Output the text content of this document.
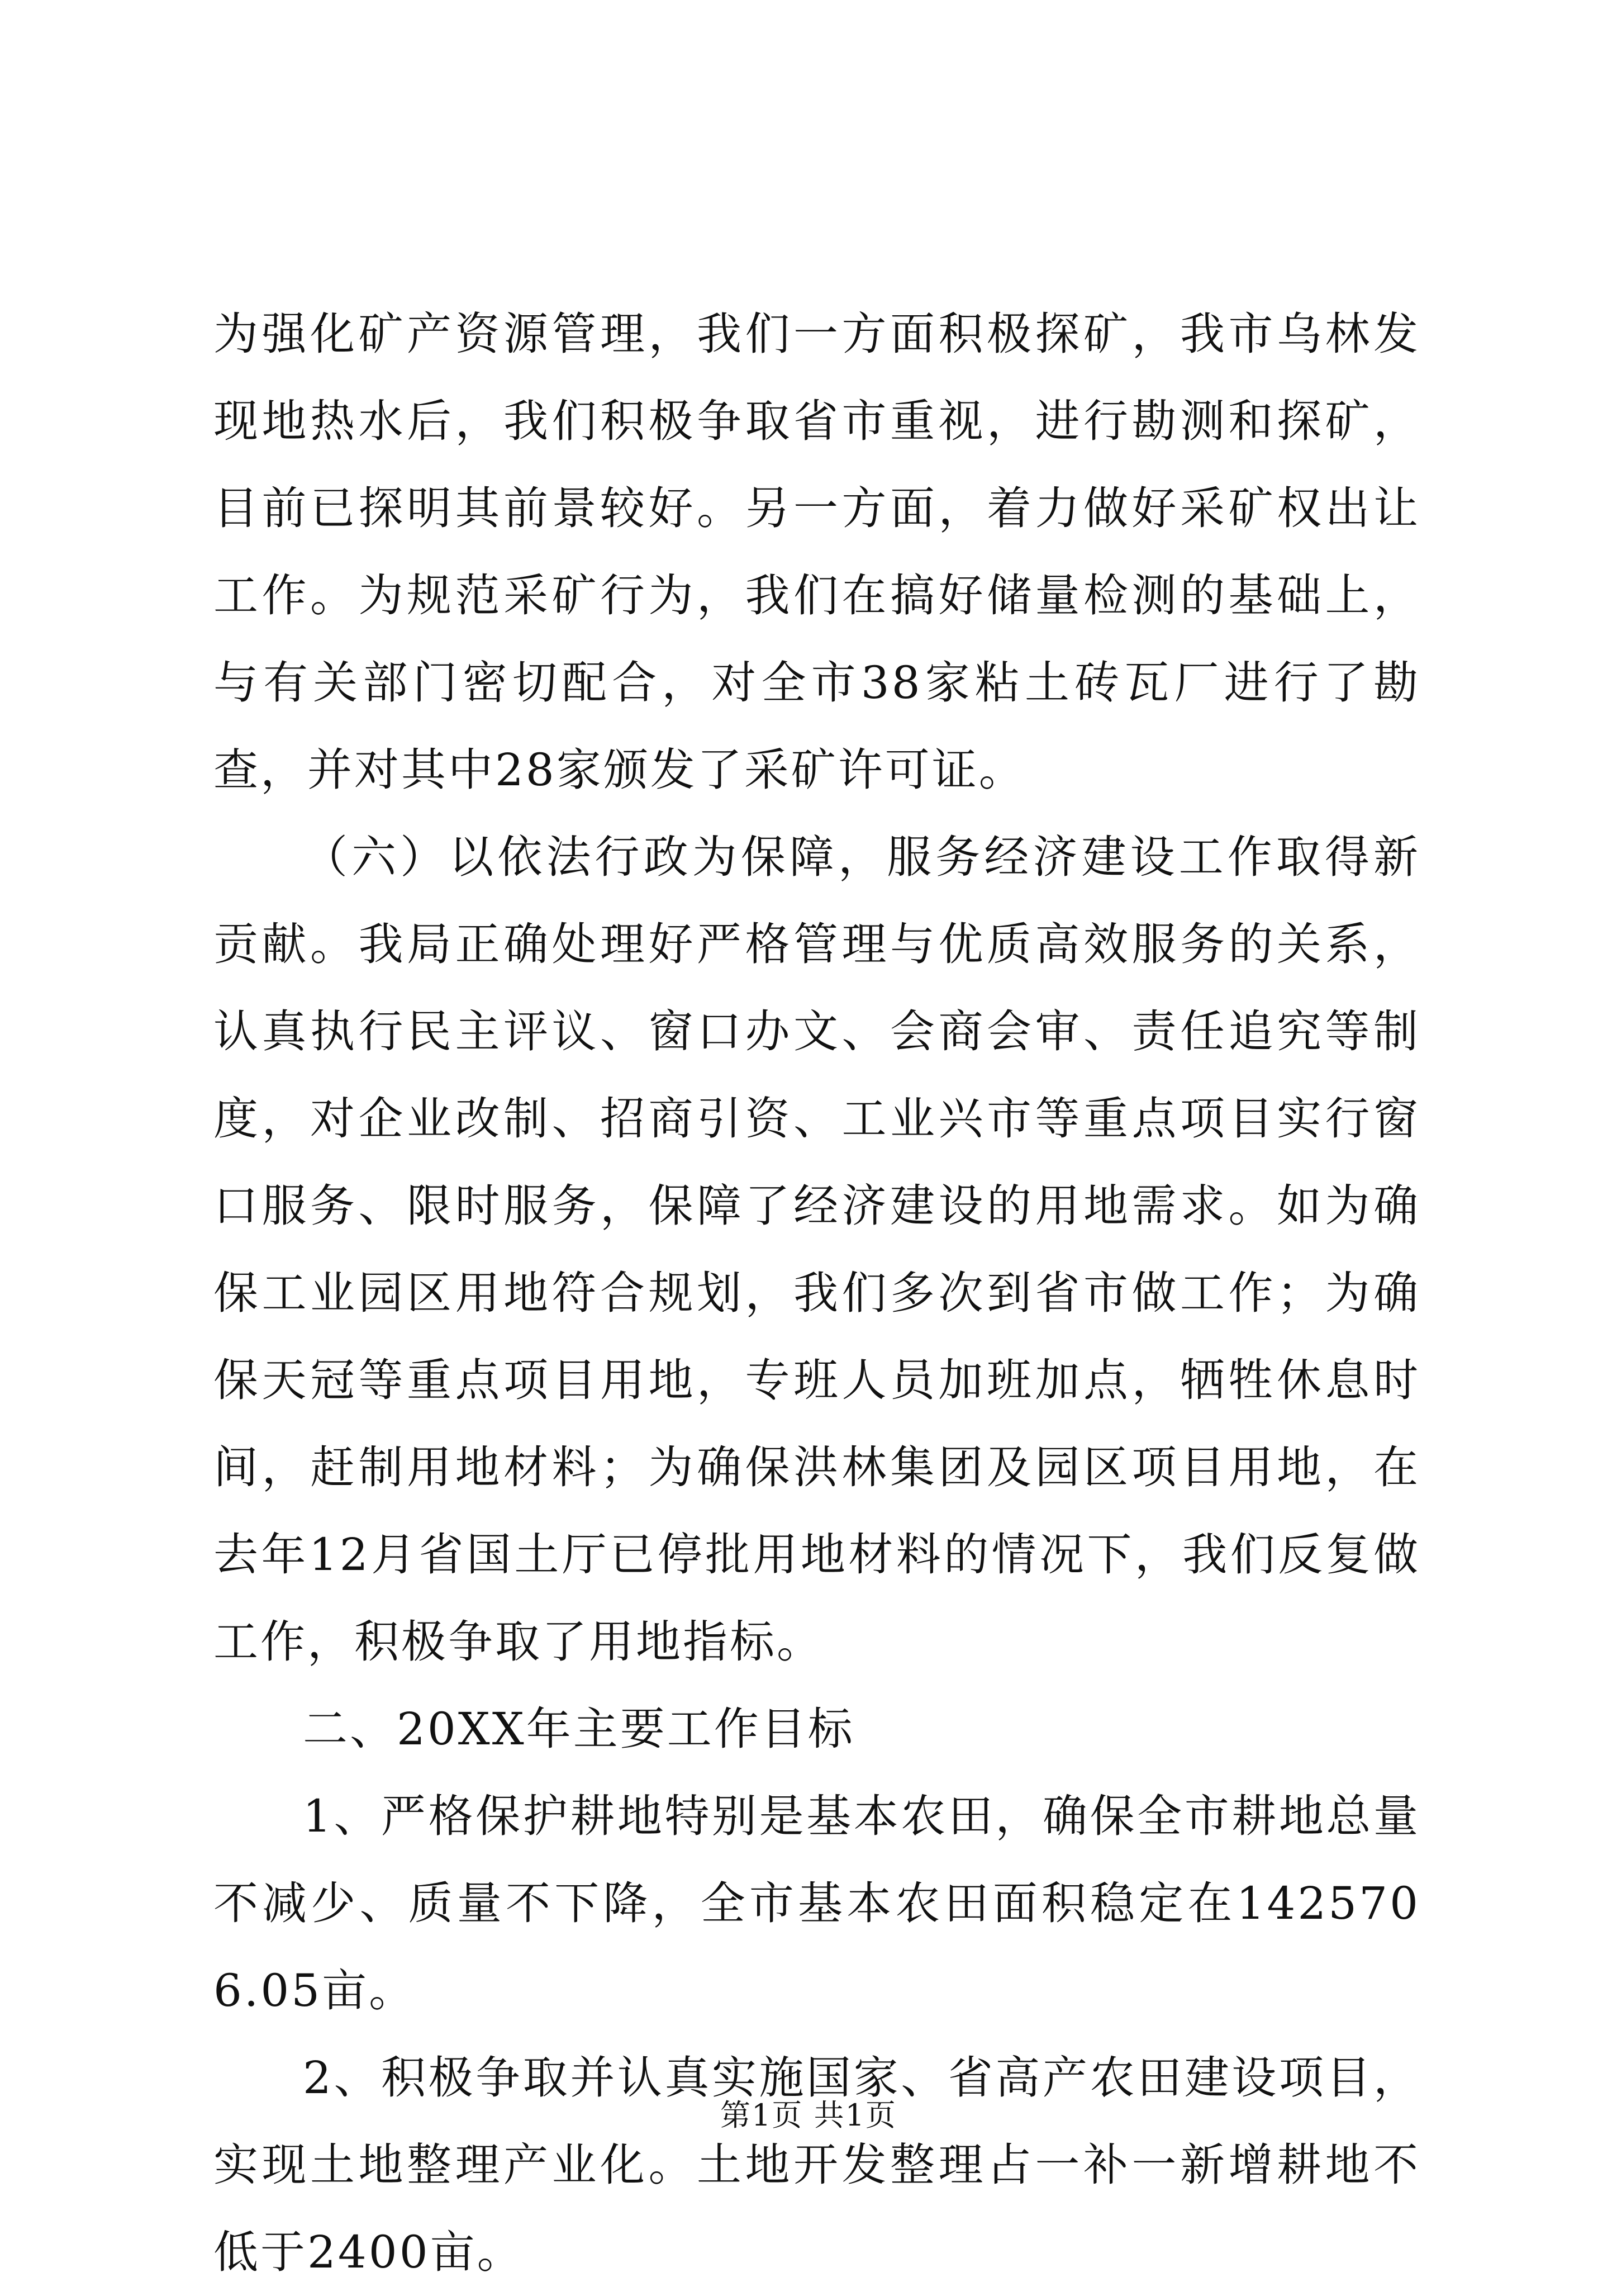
为强化矿产资源管理，我们一方面积极探矿，我市乌林发现地热水后，我们积极争取省市重视，进行勘测和探矿，目前已探明其前景较好。另一方面，着力做好采矿权出让工作。为规范采矿行为，我们在搞好储量检测的基础上，与有关部门密切配合，对全市38家粘土砖瓦厂进行了勘查，并对其中28家颁发了采矿许可证。

（六）以依法行政为保障，服务经济建设工作取得新贡献。我局正确处理好严格管理与优质高效服务的关系，认真执行民主评议、窗口办文、会商会审、责任追究等制度，对企业改制、招商引资、工业兴市等重点项目实行窗口服务、限时服务，保障了经济建设的用地需求。如为确保工业园区用地符合规划，我们多次到省市做工作；为确保天冠等重点项目用地，专班人员加班加点，牺牲休息时间，赶制用地材料；为确保洪林集团及园区项目用地，在去年12月省国土厅已停批用地材料的情况下，我们反复做工作，积极争取了用地指标。

二、20XX年主要工作目标

1、严格保护耕地特别是基本农田，确保全市耕地总量不减少、质量不下降，全市基本农田面积稳定在1425706.05亩。

2、积极争取并认真实施国家、省高产农田建设项目，实现土地整理产业化。土地开发整理占一补一新增耕地不低于2400亩。

第1页 共1页
